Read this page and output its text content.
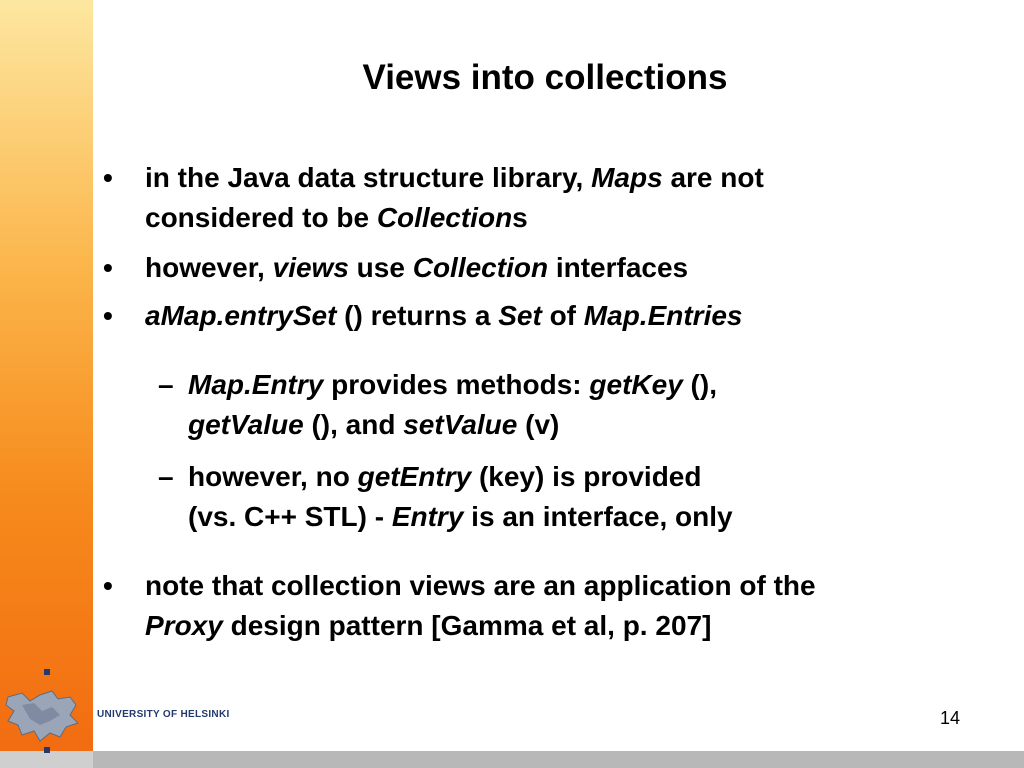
Views into collections
• in the Java data structure library, Maps are not
considered to be Collections
• however, views use Collection interfaces
• aMap.entrySet () returns a Set of Map.Entries
– Map.Entry provides methods: getKey (),
getValue (), and setValue (v)
– however, no getEntry (key) is provided
(vs. C++ STL) - Entry is an interface, only
• note that collection views are an application of the
Proxy design pattern [Gamma et al, p. 207]
UNIVERSITY OF HELSINKI	14
